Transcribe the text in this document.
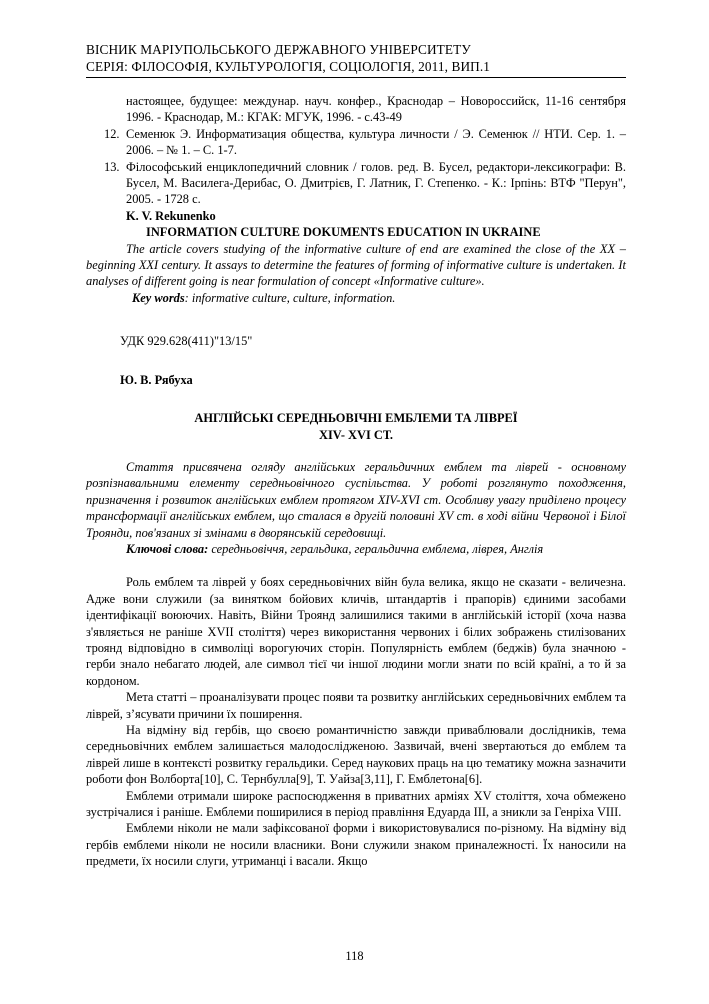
ВІСНИК МАРІУПОЛЬСЬКОГО ДЕРЖАВНОГО УНІВЕРСИТЕТУ
СЕРІЯ: ФІЛОСОФІЯ, КУЛЬТУРОЛОГІЯ, СОЦІОЛОГІЯ, 2011, ВИП.1

настоящее, будущее: междунар. науч. конфер., Краснодар – Новороссийск, 11-16 сентября 1996. - Краснодар, М.: КГАК: МГУК, 1996. - с.43-49

12. Семенюк Э. Информатизация общества, культура личности / Э. Семенюк // НТИ. Сер. 1. – 2006. – № 1. – С. 1-7.

13. Філософський енциклопедичний словник / голов. ред. В. Бусел, редактори-лексикографи: В. Бусел, М. Василега-Дерибас, О. Дмитрієв, Г. Латник, Г. Степенко. - К.: Ірпінь: ВТФ "Перун", 2005. - 1728 с.

K. V. Rekunenko

INFORMATION CULTURE DOKUMENTS EDUCATION IN UKRAINE

The article covers studying of the informative culture of end are examined the close of the XX – beginning XXI century. It assays to determine the features of forming of informative culture is undertaken. It analyses of different going is near formulation of concept «Informative culture».

Key words: informative culture, culture, information.

УДК 929.628(411)"13/15"

Ю. В. Рябуха

АНГЛІЙСЬКІ СЕРЕДНЬОВІЧНІ ЕМБЛЕМИ ТА ЛІВРЕЇ
XIV- XVI СТ.

Стаття присвячена огляду англійських геральдичних емблем та ліврей - основному розпізнавальними елементу середньовічного суспільства. У роботі розглянуто походження, призначення і розвиток англійських емблем протягом XIV-XVI ст. Особливу увагу приділено процесу трансформації англійських емблем, що сталася в другій половині XV ст. в ході війни Червоної і Білої Троянди, пов'язаних зі змінами в дворянській середовищі.

Ключові слова: середньовіччя, геральдика, геральдична емблема, ліврея, Англія

Роль емблем та ліврей у боях середньовічних війн була велика, якщо не сказати - величезна. Адже вони служили (за винятком бойових кличів, штандартів і прапорів) єдиними засобами ідентифікації воюючих. Навіть, Війни Троянд залишилися такими в англійській історії (хоча назва з'являється не раніше XVII століття) через використання червоних і білих зображень стилізованих троянд відповідно в символіці ворогуючих сторін. Популярність емблем (беджів) була значною - герби знало небагато людей, але символ тієї чи іншої людини могли знати по всій країні, а то й за кордоном.

Мета статті – проаналізувати процес появи та розвитку англійських середньовічних емблем та ліврей, з’ясувати причини їх поширення.

На відміну від гербів, що своєю романтичністю завжди приваблювали дослідників, тема середньовічних емблем залишається малодослідженою. Зазвичай, вчені звертаються до емблем та ліврей лише в контексті розвитку геральдики. Серед наукових праць на цю тематику можна зазначити роботи фон Волборта[10], С. Тернбулла[9], Т. Уайза[3,11], Г. Емблетона[6].

Емблеми отримали широке распосюдження в приватних арміях XV століття, хоча обмежено зустрічалися і раніше. Емблеми поширилися в період правління Едуарда III, а зникли за Генріха VIII.

Емблеми ніколи не мали зафіксованої форми і використовувалися по-різному. На відміну від гербів емблеми ніколи не носили власники. Вони служили знаком приналежності. Їх наносили на предмети, їх носили слуги, утриманці і васали. Якщо

118
